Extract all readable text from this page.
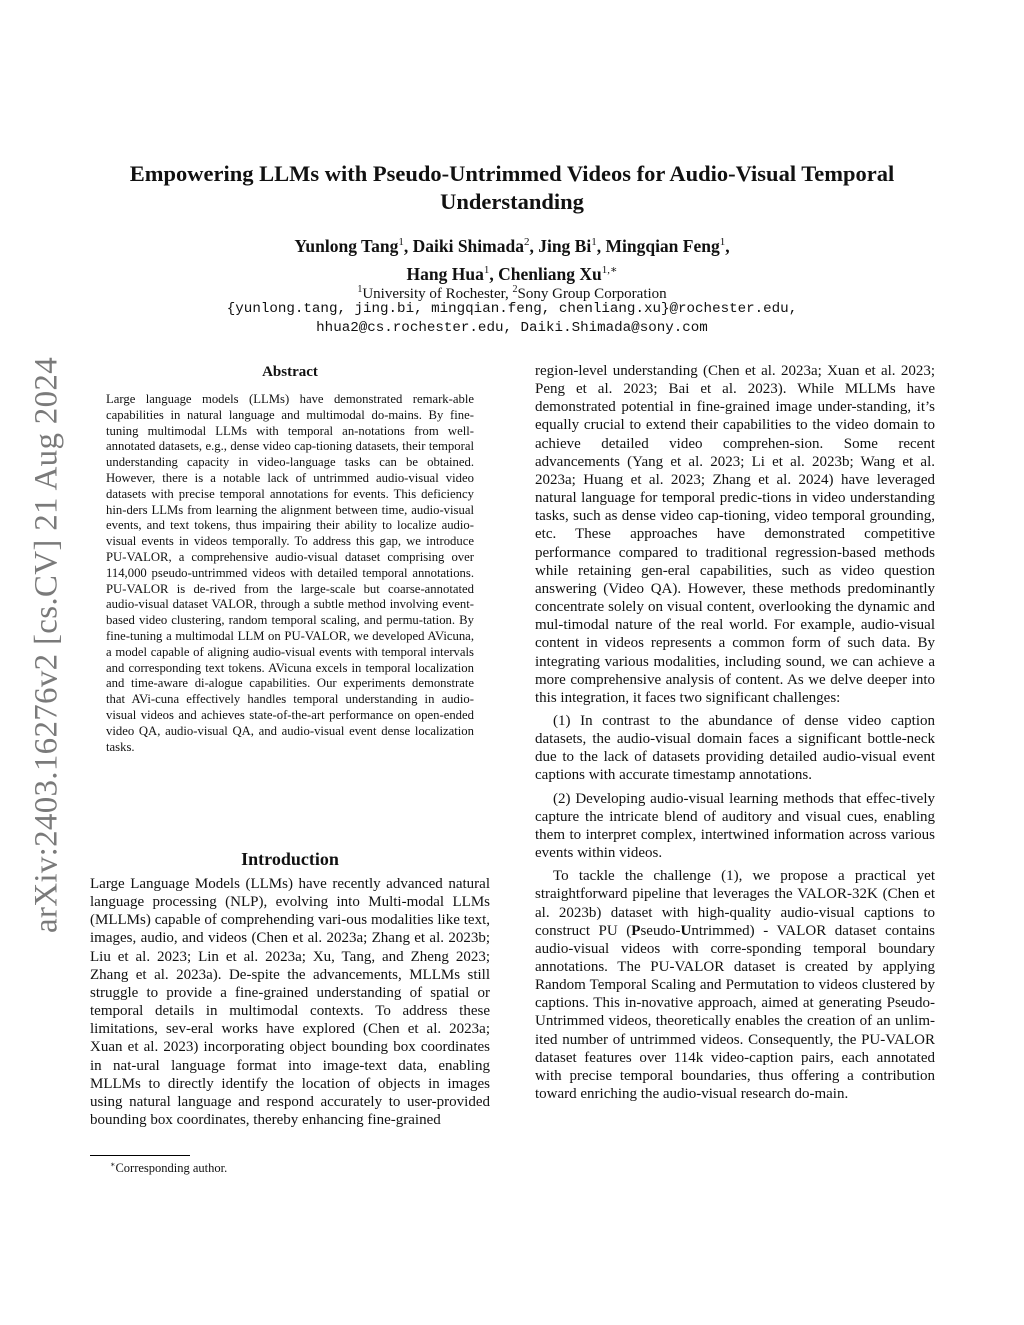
arXiv:2403.16276v2 [cs.CV] 21 Aug 2024
Empowering LLMs with Pseudo-Untrimmed Videos for Audio-Visual Temporal Understanding
Yunlong Tang$^1$, Daiki Shimada$^2$, Jing Bi$^1$, Mingqian Feng$^1$,
Hang Hua$^1$, Chenliang $Xu^{1,∗}$
$^1$University of Rochester, $^2$Sony Group Corporation
{yunlong.tang, jing.bi, mingqian.feng, chenliang.xu}@rochester.edu,
hhua2@cs.rochester.edu, Daiki.Shimada@sony.com
Abstract

Large language models (LLMs) have demonstrated remark-able capabilities in natural language and multimodal do-mains. By fine-tuning multimodal LLMs with temporal an-notations from well-annotated datasets, e.g., dense video cap-tioning datasets, their temporal understanding capacity in video-language tasks can be obtained. However, there is a notable lack of untrimmed audio-visual video datasets with precise temporal annotations for events. This deficiency hin-ders LLMs from learning the alignment between time, audio-visual events, and text tokens, thus impairing their ability to localize audio-visual events in videos temporally. To address this gap, we introduce PU-VALOR, a comprehensive audio-visual dataset comprising over 114,000 pseudo-untrimmed videos with detailed temporal annotations. PU-VALOR is de-rived from the large-scale but coarse-annotated audio-visual dataset VALOR, through a subtle method involving event-based video clustering, random temporal scaling, and permu-tation. By fine-tuning a multimodal LLM on PU-VALOR, we developed AVicuna, a model capable of aligning audio-visual events with temporal intervals and corresponding text tokens. AVicuna excels in temporal localization and time-aware di-alogue capabilities. Our experiments demonstrate that AVi-cuna effectively handles temporal understanding in audio-visual videos and achieves state-of-the-art performance on open-ended video QA, audio-visual QA, and audio-visual event dense localization tasks.

Introduction

Large Language Models (LLMs) have recently advanced natural language processing (NLP), evolving into Multi-modal LLMs (MLLMs) capable of comprehending vari-ous modalities like text, images, audio, and videos (Chen et al. 2023a; Zhang et al. 2023b; Liu et al. 2023; Lin et al. 2023a; Xu, Tang, and Zheng 2023; Zhang et al. 2023a). De-spite the advancements, MLLMs still struggle to provide a fine-grained understanding of spatial or temporal details in multimodal contexts. To address these limitations, sev-eral works have explored (Chen et al. 2023a; Xuan et al. 2023) incorporating object bounding box coordinates in nat-ural language format into image-text data, enabling MLLMs to directly identify the location of objects in images using natural language and respond accurately to user-provided bounding box coordinates, thereby enhancing fine-grained

∗Corresponding author.

region-level understanding (Chen et al. 2023a; Xuan et al. 2023; Peng et al. 2023; Bai et al. 2023). While MLLMs have demonstrated potential in fine-grained image under-standing, it’s equally crucial to extend their capabilities to the video domain to achieve detailed video comprehen-sion. Some recent advancements (Yang et al. 2023; Li et al. 2023b; Wang et al. 2023a; Huang et al. 2023; Zhang et al. 2024) have leveraged natural language for temporal predic-tions in video understanding tasks, such as dense video cap-tioning, video temporal grounding, etc. These approaches have demonstrated competitive performance compared to traditional regression-based methods while retaining gen-eral capabilities, such as video question answering (Video QA). However, these methods predominantly concentrate solely on visual content, overlooking the dynamic and mul-timodal nature of the real world. For example, audio-visual content in videos represents a common form of such data. By integrating various modalities, including sound, we can achieve a more comprehensive analysis of content. As we delve deeper into this integration, it faces two significant challenges:

(1) In contrast to the abundance of dense video caption datasets, the audio-visual domain faces a significant bottle-neck due to the lack of datasets providing detailed audio-visual event captions with accurate timestamp annotations.

(2) Developing audio-visual learning methods that effec-tively capture the intricate blend of auditory and visual cues, enabling them to interpret complex, intertwined information across various events within videos.

To tackle the challenge (1), we propose a practical yet straightforward pipeline that leverages the VALOR-32K (Chen et al. 2023b) dataset with high-quality audio-visual captions to construct PU (Pseudo-Untrimmed) - VALOR dataset contains audio-visual videos with corre-sponding temporal boundary annotations. The PU-VALOR dataset is created by applying Random Temporal Scaling and Permutation to videos clustered by captions. This in-novative approach, aimed at generating Pseudo-Untrimmed videos, theoretically enables the creation of an unlim-ited number of untrimmed videos. Consequently, the PU-VALOR dataset features over 114k video-caption pairs, each annotated with precise temporal boundaries, thus offering a contribution toward enriching the audio-visual research do-main.
